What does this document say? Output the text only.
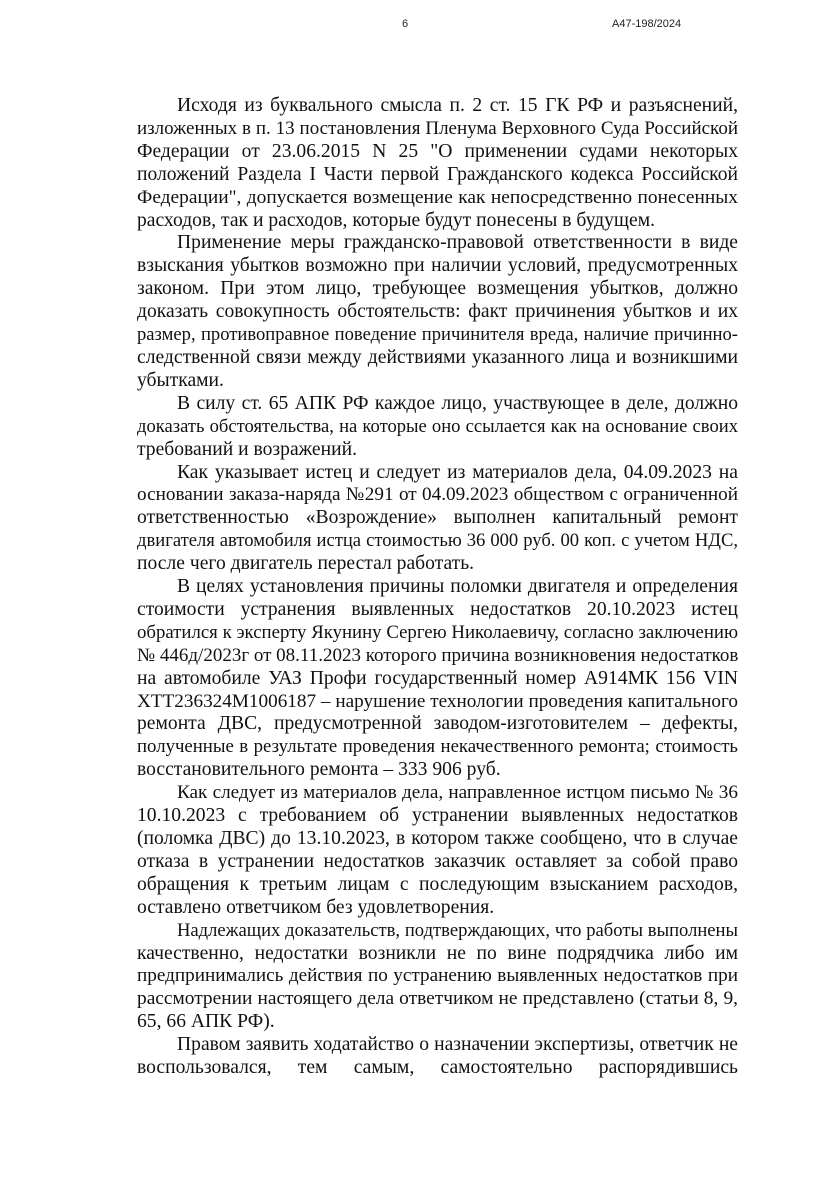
6	А47-198/2024

Исходя из буквального смысла п. 2 ст. 15 ГК РФ и разъяснений,
изложенных в п. 13 постановления Пленума Верховного Суда Российской
Федерации от 23.06.2015 N 25 "О применении судами некоторых
положений Раздела I Части первой Гражданского кодекса Российской
Федерации", допускается возмещение как непосредственно понесенных
расходов, так и расходов, которые будут понесены в будущем.

Применение меры гражданско-правовой ответственности в виде
взыскания убытков возможно при наличии условий, предусмотренных
законом. При этом лицо, требующее возмещения убытков, должно
доказать совокупность обстоятельств: факт причинения убытков и их
размер, противоправное поведение причинителя вреда, наличие причинно-
следственной связи между действиями указанного лица и возникшими
убытками.

В силу ст. 65 АПК РФ каждое лицо, участвующее в деле, должно
доказать обстоятельства, на которые оно ссылается как на основание своих
требований и возражений.

Как указывает истец и следует из материалов дела, 04.09.2023 на
основании заказа-наряда №291 от 04.09.2023 обществом с ограниченной
ответственностью «Возрождение» выполнен капитальный ремонт
двигателя автомобиля истца стоимостью 36 000 руб. 00 коп. с учетом НДС,
после чего двигатель перестал работать.

В целях установления причины поломки двигателя и определения
стоимости устранения выявленных недостатков 20.10.2023 истец
обратился к эксперту Якунину Сергею Николаевичу, согласно заключению
№ 446д/2023г от 08.11.2023 которого причина возникновения недостатков
на автомобиле УАЗ Профи государственный номер А914МК 156 VIN
ХТТ236324М1006187 – нарушение технологии проведения капитального
ремонта ДВС, предусмотренной заводом-изготовителем – дефекты,
полученные в результате проведения некачественного ремонта; стоимость
восстановительного ремонта – 333 906 руб.

Как следует из материалов дела, направленное истцом письмо № 36
10.10.2023 с требованием об устранении выявленных недостатков
(поломка ДВС) до 13.10.2023, в котором также сообщено, что в случае
отказа в устранении недостатков заказчик оставляет за собой право
обращения к третьим лицам с последующим взысканием расходов,
оставлено ответчиком без удовлетворения.

Надлежащих доказательств, подтверждающих, что работы выполнены
качественно, недостатки возникли не по вине подрядчика либо им
предпринимались действия по устранению выявленных недостатков при
рассмотрении настоящего дела ответчиком не представлено (статьи 8, 9,
65, 66 АПК РФ).

Правом заявить ходатайство о назначении экспертизы, ответчик не
воспользовался, тем самым, самостоятельно распорядившись
